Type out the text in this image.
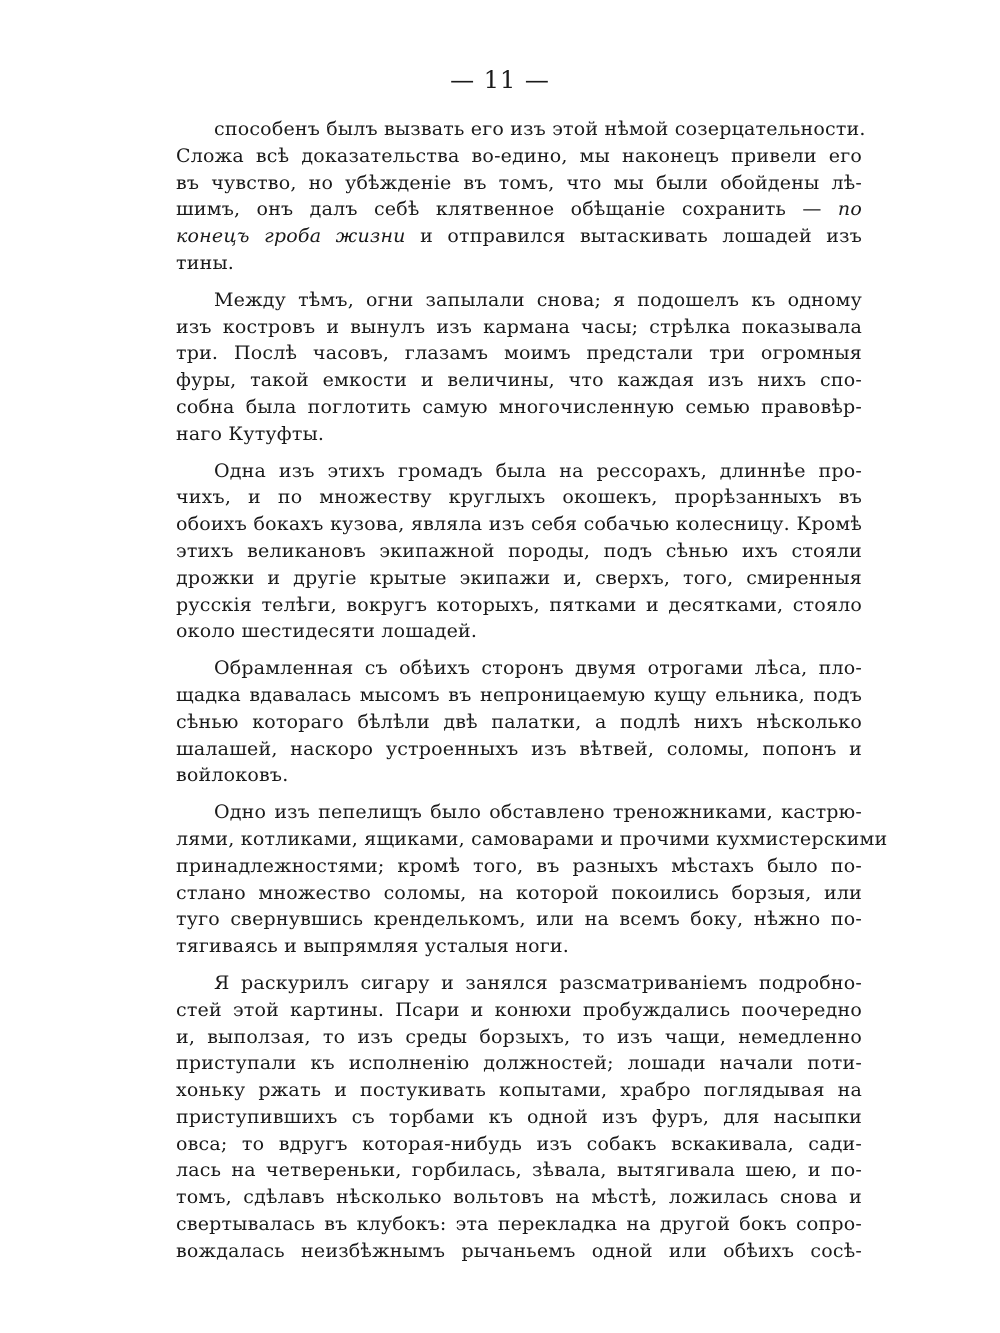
— 11 —
способенъ былъ вызвать его изъ этой нѣмой созерцательности.
Сложа всѣ доказательства во-едино, мы наконецъ привели его
въ чувство, но убѣжденіе въ томъ, что мы были обойдены лѣ-
шимъ, онъ далъ себѣ клятвенное обѣщаніе сохранить — по
конецъ гроба жизни и отправился вытаскивать лошадей изъ
тины.
Между тѣмъ, огни запылали снова; я подошелъ къ одному
изъ костровъ и вынулъ изъ кармана часы; стрѣлка показывала
три. Послѣ часовъ, глазамъ моимъ предстали три огромныя
фуры, такой емкости и величины, что каждая изъ нихъ спо-
собна была поглотить самую многочисленную семью правовѣр-
наго Кутуфты.
Одна изъ этихъ громадъ была на рессорахъ, длиннѣе про-
чихъ, и по множеству круглыхъ окошекъ, прорѣзанныхъ въ
обоихъ бокахъ кузова, являла изъ себя собачью колесницу. Кромѣ
этихъ великановъ экипажной породы, подъ сѣнью ихъ стояли
дрожки и другіе крытые экипажи и, сверхъ, того, смиренныя
русскія телѣги, вокругъ которыхъ, пятками и десятками, стояло
около шестидесяти лошадей.
Обрамленная съ обѣихъ сторонъ двумя отрогами лѣса, пло-
щадка вдавалась мысомъ въ непроницаемую кущу ельника, подъ
сѣнью котораго бѣлѣли двѣ палатки, а подлѣ нихъ нѣсколько
шалашей, наскоро устроенныхъ изъ вѣтвей, соломы, попонъ и
войлоковъ.
Одно изъ пепелищъ было обставлено треножниками, кастрю-
лями, котликами, ящиками, самоварами и прочими кухмистерскими
принадлежностями; кромѣ того, въ разныхъ мѣстахъ было по-
стлано множество соломы, на которой покоились борзыя, или
туго свернувшись кренделькомъ, или на всемъ боку, нѣжно по-
тягиваясь и выпрямляя усталыя ноги.
Я раскурилъ сигару и занялся разсматриваніемъ подробно-
стей этой картины. Псари и конюхи пробуждались поочередно
и, выползая, то изъ среды борзыхъ, то изъ чащи, немедленно
приступали къ исполненію должностей; лошади начали поти-
хоньку ржать и постукивать копытами, храбро поглядывая на
приступившихъ съ торбами къ одной изъ фуръ, для насыпки
овса; то вдругъ которая-нибудь изъ собакъ вскакивала, сади-
лась на четвереньки, горбилась, зѣвала, вытягивала шею, и по-
томъ, сдѣлавъ нѣсколько вольтовъ на мѣстѣ, ложилась снова и
свертывалась въ клубокъ: эта перекладка на другой бокъ сопро-
вождалась неизбѣжнымъ рычаньемъ одной или обѣихъ сосѣ-
